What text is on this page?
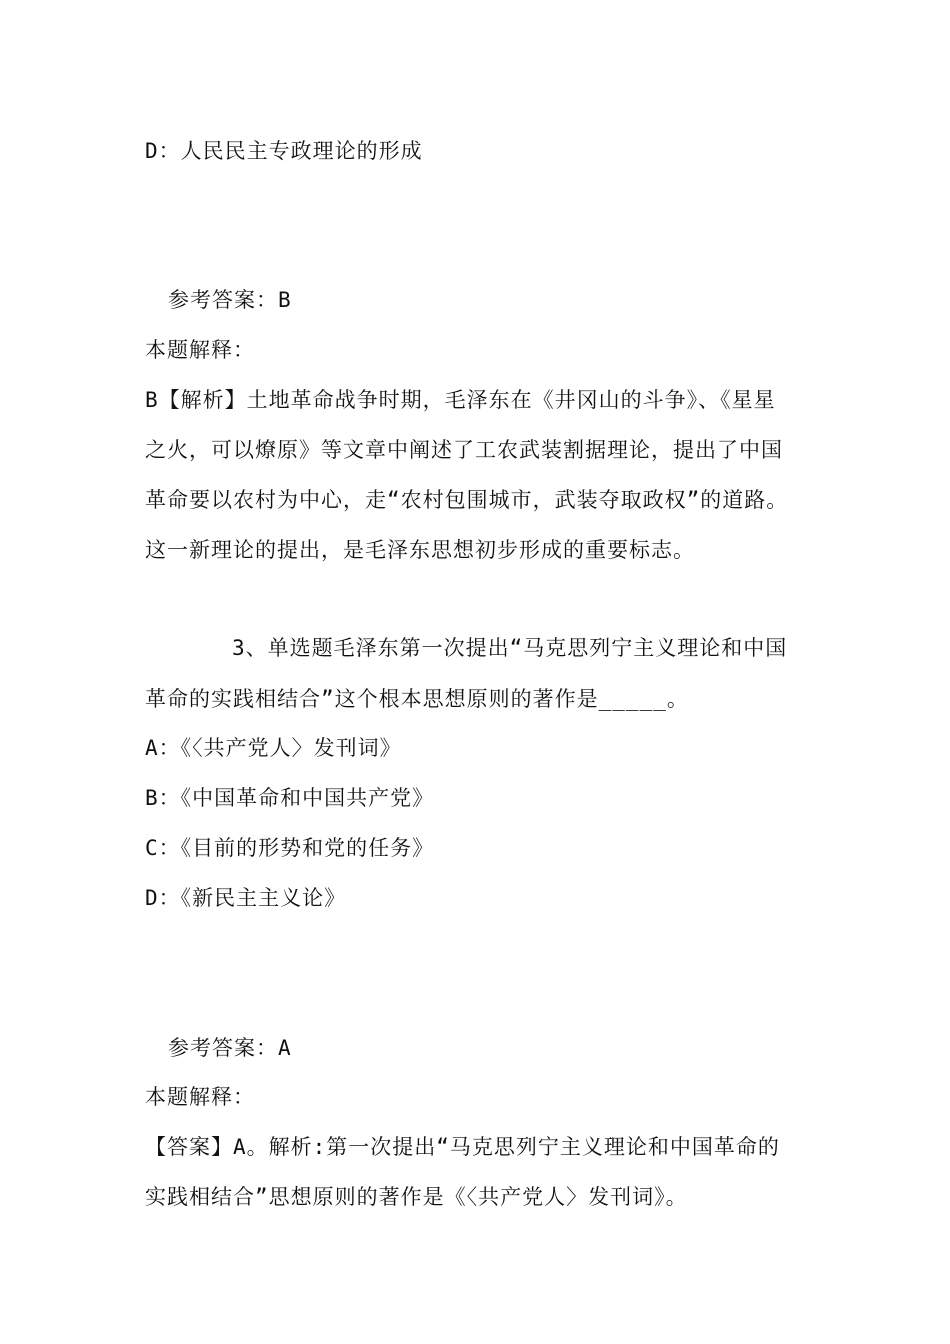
D：人民民主专政理论的形成
参考答案：B
本题解释：
B【解析】土地革命战争时期，毛泽东在《井冈山的斗争》、《星星
之火，可以燎原》等文章中阐述了工农武装割据理论，提出了中国
革命要以农村为中心，走“农村包围城市，武装夺取政权”的道路。
这一新理论的提出，是毛泽东思想初步形成的重要标志。
3、单选题毛泽东第一次提出“马克思列宁主义理论和中国
革命的实践相结合”这个根本思想原则的著作是_____。
A：《〈共产党人〉发刊词》
B：《中国革命和中国共产党》
C：《目前的形势和党的任务》
D：《新民主主义论》
参考答案：A
本题解释：
【答案】A。解析:第一次提出“马克思列宁主义理论和中国革命的
实践相结合”思想原则的著作是《〈共产党人〉发刊词》。
